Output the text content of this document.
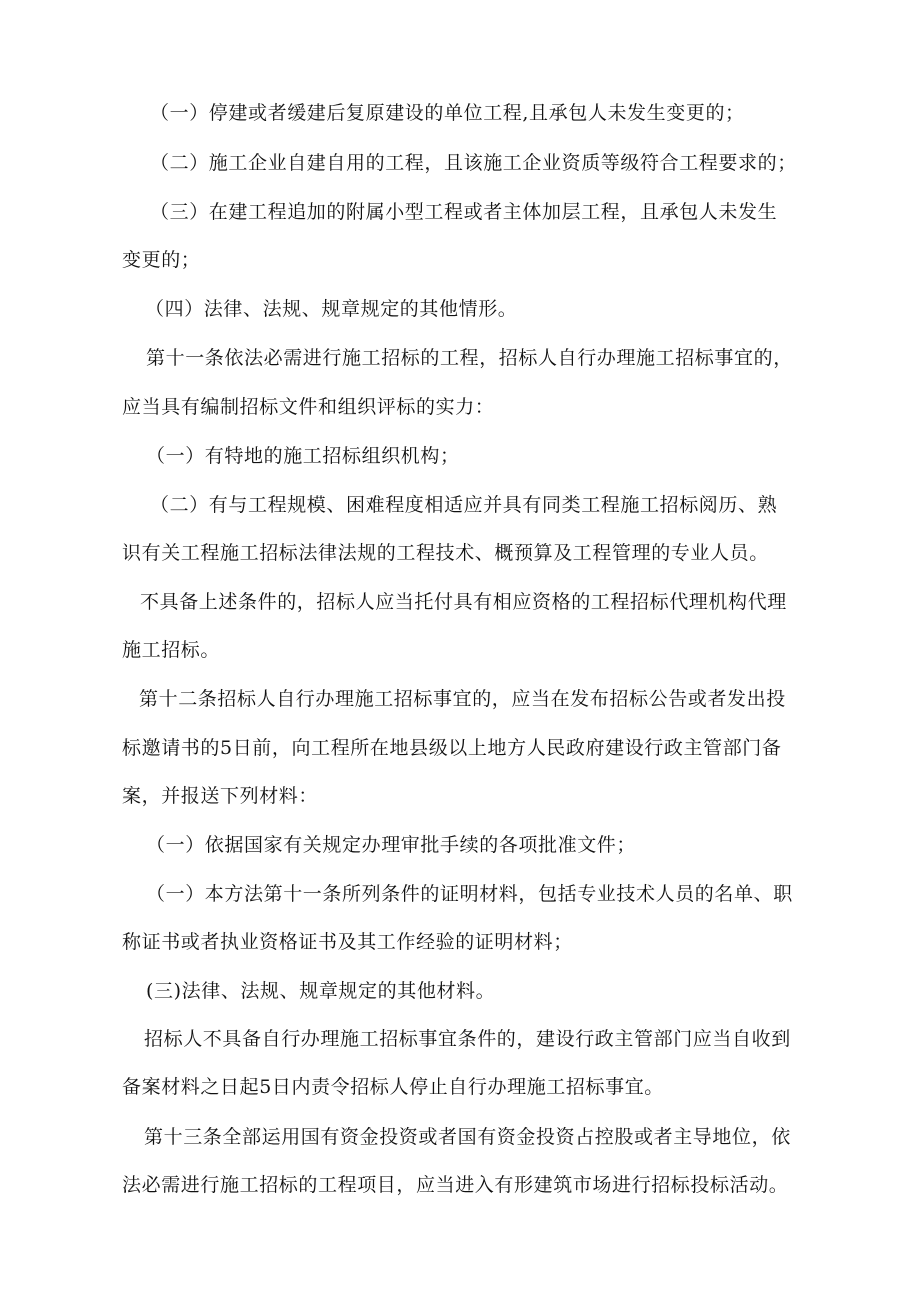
（一）停建或者缓建后复原建设的单位工程,且承包人未发生变更的；
（二）施工企业自建自用的工程，且该施工企业资质等级符合工程要求的；
（三）在建工程追加的附属小型工程或者主体加层工程，且承包人未发生
变更的；
（四）法律、法规、规章规定的其他情形。
第十一条依法必需进行施工招标的工程，招标人自行办理施工招标事宜的，
应当具有编制招标文件和组织评标的实力：
（一）有特地的施工招标组织机构；
（二）有与工程规模、困难程度相适应并具有同类工程施工招标阅历、熟
识有关工程施工招标法律法规的工程技术、概预算及工程管理的专业人员。
不具备上述条件的，招标人应当托付具有相应资格的工程招标代理机构代理
施工招标。
第十二条招标人自行办理施工招标事宜的，应当在发布招标公告或者发出投
标邀请书的5日前，向工程所在地县级以上地方人民政府建设行政主管部门备
案，并报送下列材料：
（一）依据国家有关规定办理审批手续的各项批准文件；
（一）本方法第十一条所列条件的证明材料，包括专业技术人员的名单、职
称证书或者执业资格证书及其工作经验的证明材料；
(三)法律、法规、规章规定的其他材料。
招标人不具备自行办理施工招标事宜条件的，建设行政主管部门应当自收到
备案材料之日起5日内责令招标人停止自行办理施工招标事宜。
第十三条全部运用国有资金投资或者国有资金投资占控股或者主导地位，依
法必需进行施工招标的工程项目，应当进入有形建筑市场进行招标投标活动。
